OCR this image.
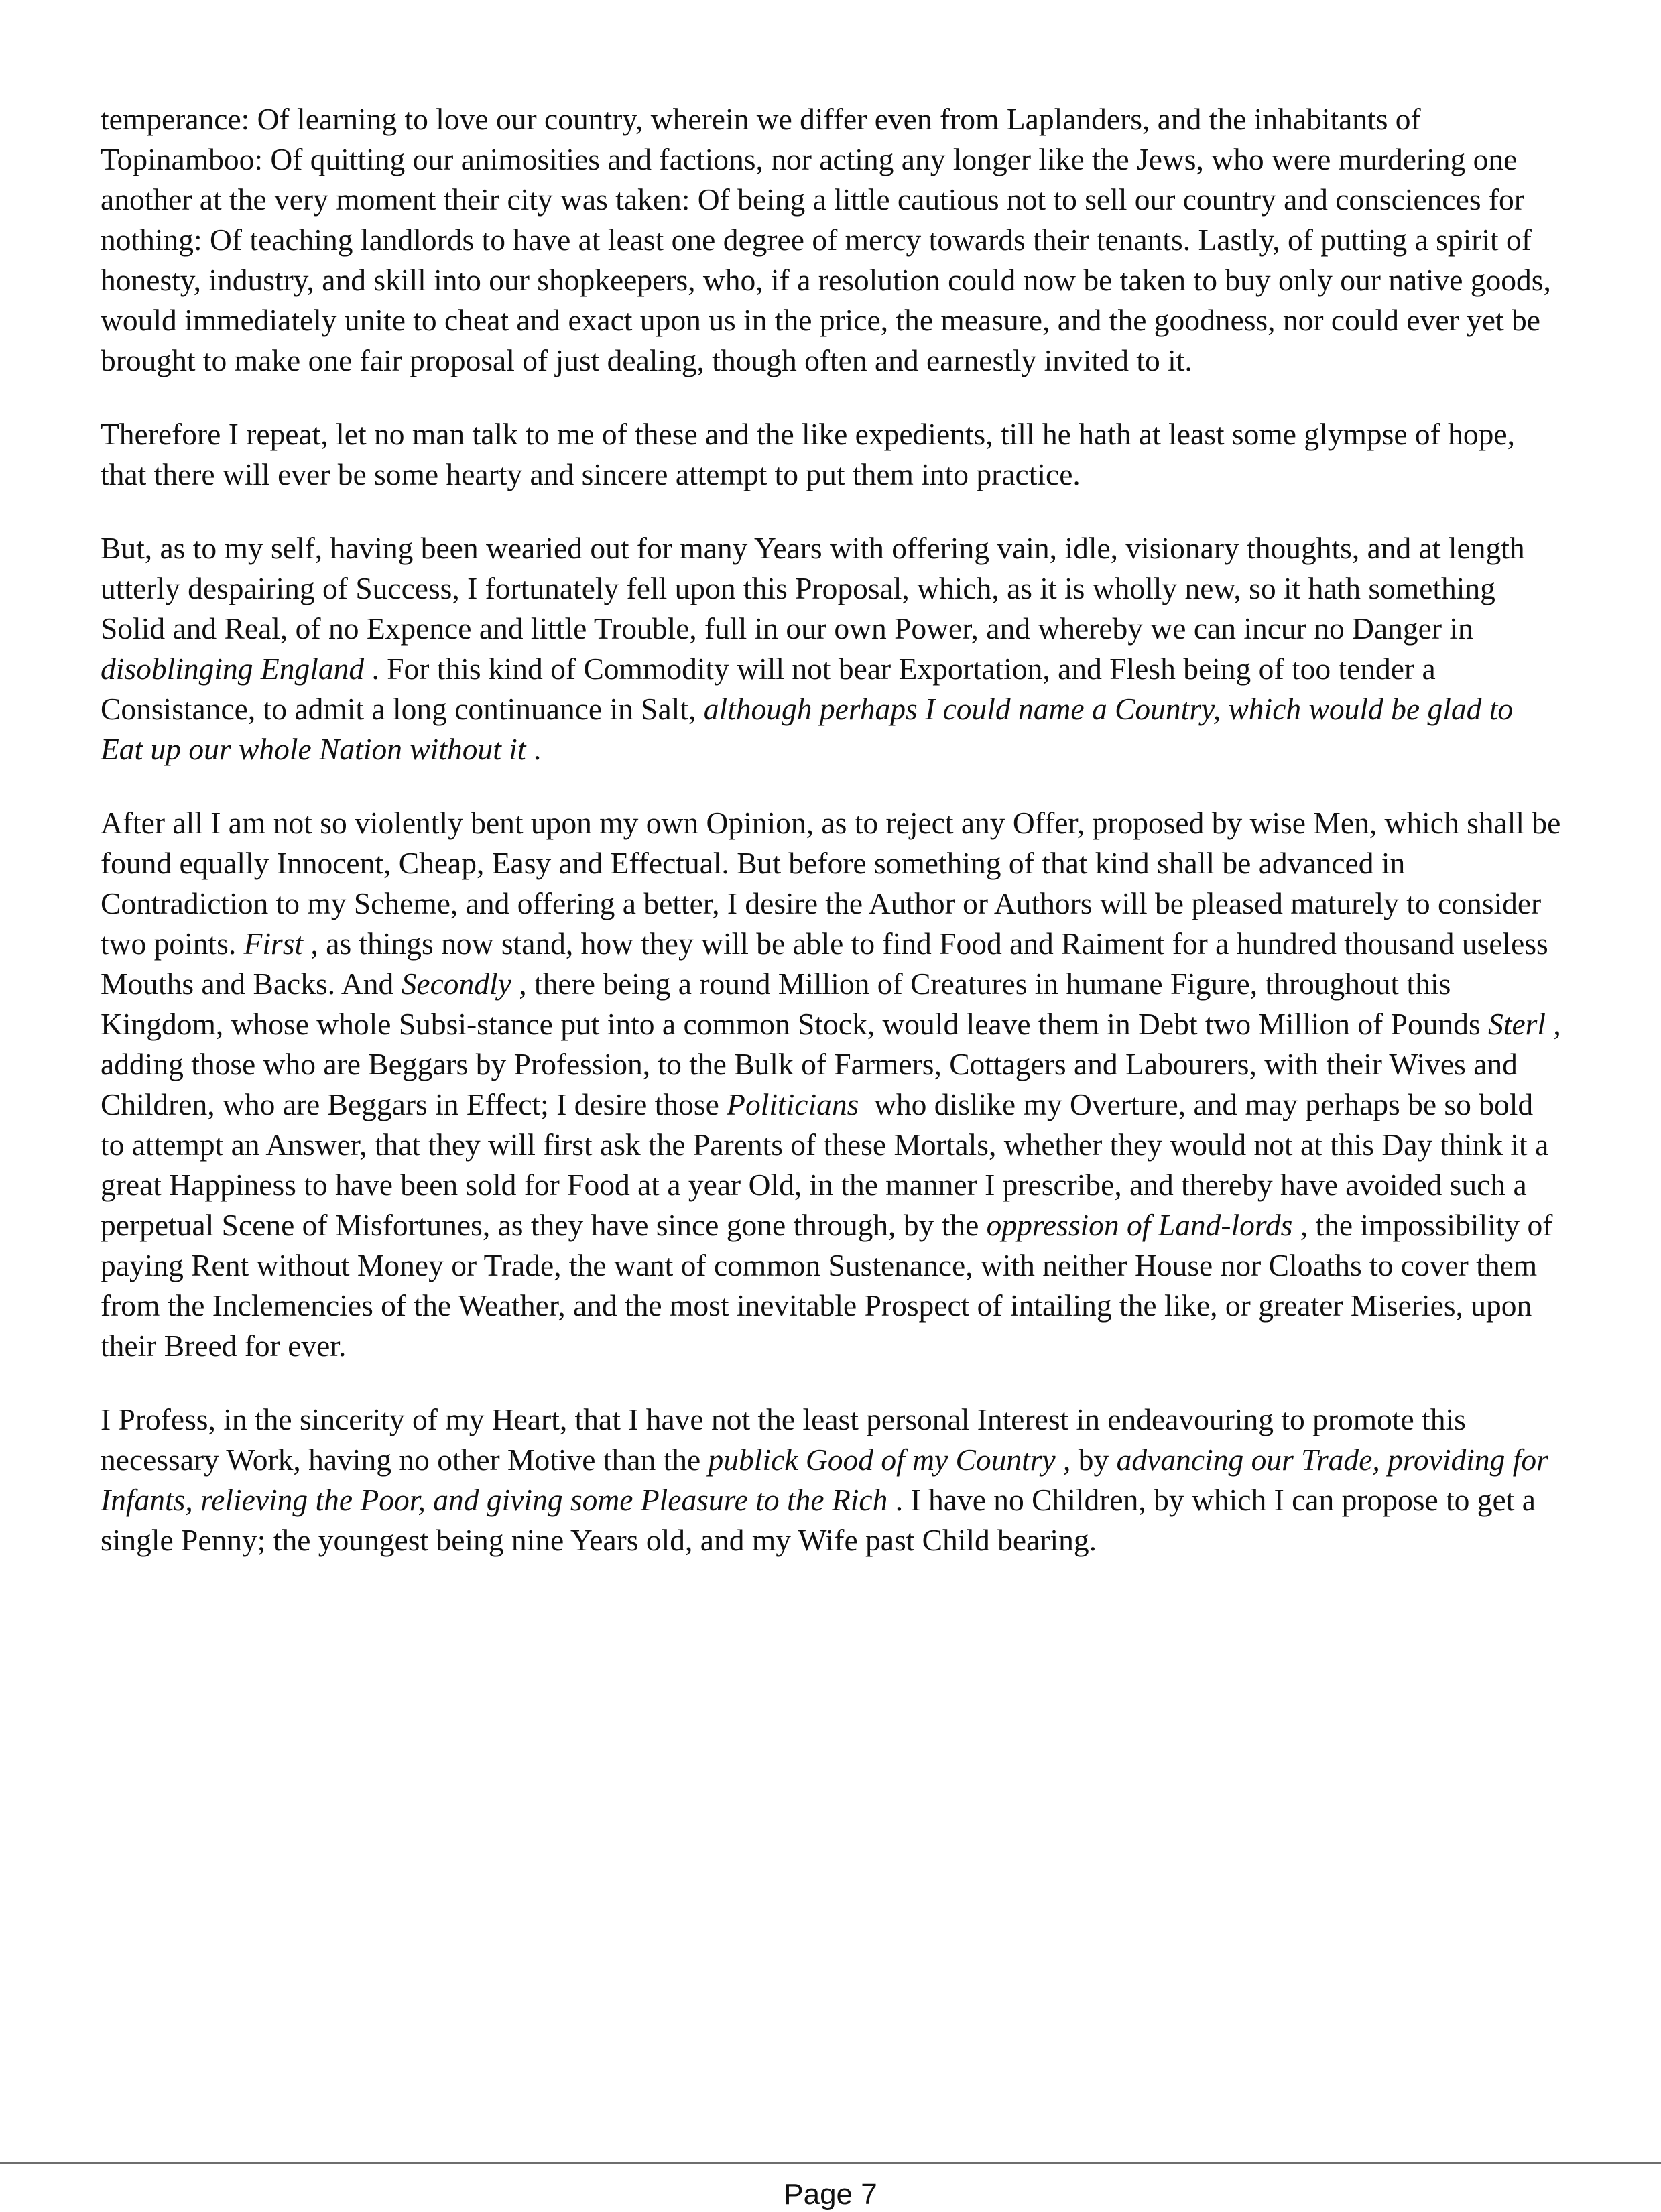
temperance: Of learning to love our country, wherein we differ even from Laplanders, and the inhabitants of Topinamboo: Of quitting our animosities and factions, nor acting any longer like the Jews, who were murdering one another at the very moment their city was taken: Of being a little cautious not to sell our country and consciences for nothing: Of teaching landlords to have at least one degree of mercy towards their tenants. Lastly, of putting a spirit of honesty, industry, and skill into our shopkeepers, who, if a resolution could now be taken to buy only our native goods, would immediately unite to cheat and exact upon us in the price, the measure, and the goodness, nor could ever yet be brought to make one fair proposal of just dealing, though often and earnestly invited to it.

Therefore I repeat, let no man talk to me of these and the like expedients, till he hath at least some glympse of hope, that there will ever be some hearty and sincere attempt to put them into practice.

But, as to my self, having been wearied out for many Years with offering vain, idle, visionary thoughts, and at length utterly despairing of Success, I fortunately fell upon this Proposal, which, as it is wholly new, so it hath something Solid and Real, of no Expence and little Trouble, full in our own Power, and whereby we can incur no Danger in disoblinging England . For this kind of Commodity will not bear Exportation, and Flesh being of too tender a Consistance, to admit a long continuance in Salt, although perhaps I could name a Country, which would be glad to Eat up our whole Nation without it .

After all I am not so violently bent upon my own Opinion, as to reject any Offer, proposed by wise Men, which shall be found equally Innocent, Cheap, Easy and Effectual. But before something of that kind shall be advanced in Contradiction to my Scheme, and offering a better, I desire the Author or Authors will be pleased maturely to consider two points. First , as things now stand, how they will be able to find Food and Raiment for a hundred thousand useless Mouths and Backs. And Secondly , there being a round Million of Creatures in humane Figure, throughout this Kingdom, whose whole Subsi-stance put into a common Stock, would leave them in Debt two Million of Pounds Sterl , adding those who are Beggars by Profession, to the Bulk of Farmers, Cottagers and Labourers, with their Wives and Children, who are Beggars in Effect; I desire those Politicians  who dislike my Overture, and may perhaps be so bold to attempt an Answer, that they will first ask the Parents of these Mortals, whether they would not at this Day think it a great Happiness to have been sold for Food at a year Old, in the manner I prescribe, and thereby have avoided such a perpetual Scene of Misfortunes, as they have since gone through, by the oppression of Land-lords , the impossibility of paying Rent without Money or Trade, the want of common Sustenance, with neither House nor Cloaths to cover them from the Inclemencies of the Weather, and the most inevitable Prospect of intailing the like, or greater Miseries, upon their Breed for ever.

I Profess, in the sincerity of my Heart, that I have not the least personal Interest in endeavouring to promote this necessary Work, having no other Motive than the publick Good of my Country , by advancing our Trade, providing for Infants, relieving the Poor, and giving some Pleasure to the Rich . I have no Children, by which I can propose to get a single Penny; the youngest being nine Years old, and my Wife past Child bearing.

Page 7
